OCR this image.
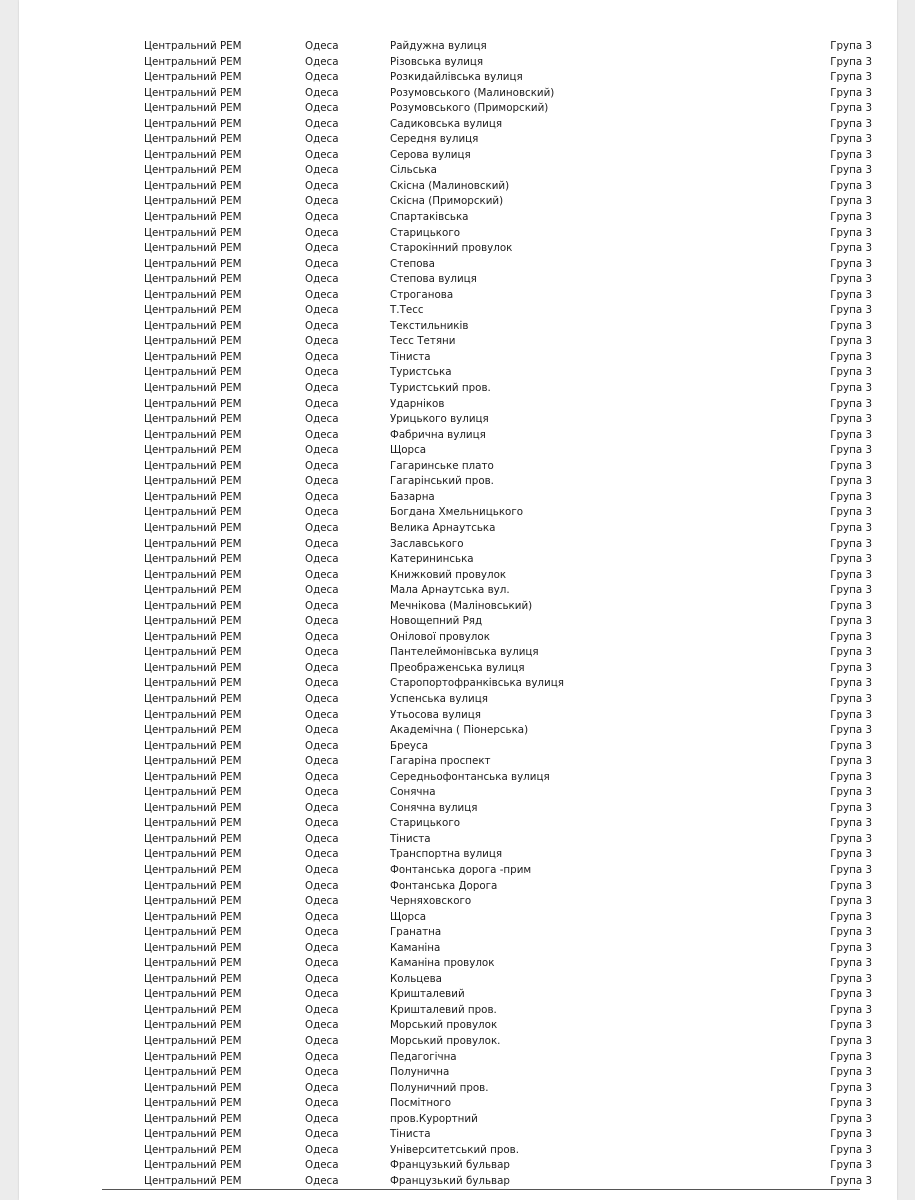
Центральний РЕМ	Одеса	Райдужна вулиця	Група 3
Центральний РЕМ	Одеса	Різовська вулиця	Група 3
Центральний РЕМ	Одеса	Розкидайлівська вулиця	Група 3
Центральний РЕМ	Одеса	Розумовського (Малиновский)	Група 3
Центральний РЕМ	Одеса	Розумовського (Приморский)	Група 3
Центральний РЕМ	Одеса	Садиковська вулиця	Група 3
Центральний РЕМ	Одеса	Середня вулиця	Група 3
Центральний РЕМ	Одеса	Серова вулиця	Група 3
Центральний РЕМ	Одеса	Сільська	Група 3
Центральний РЕМ	Одеса	Скісна (Малиновский)	Група 3
Центральний РЕМ	Одеса	Скісна (Приморский)	Група 3
Центральний РЕМ	Одеса	Спартаківська	Група 3
Центральний РЕМ	Одеса	Старицького	Група 3
Центральний РЕМ	Одеса	Старокінний провулок	Група 3
Центральний РЕМ	Одеса	Степова	Група 3
Центральний РЕМ	Одеса	Степова вулиця	Група 3
Центральний РЕМ	Одеса	Строганова	Група 3
Центральний РЕМ	Одеса	Т.Тесс	Група 3
Центральний РЕМ	Одеса	Текстильників	Група 3
Центральний РЕМ	Одеса	Тесс Тетяни	Група 3
Центральний РЕМ	Одеса	Тіниста	Група 3
Центральний РЕМ	Одеса	Туристська	Група 3
Центральний РЕМ	Одеса	Туристський пров.	Група 3
Центральний РЕМ	Одеса	Ударніков	Група 3
Центральний РЕМ	Одеса	Урицького вулиця	Група 3
Центральний РЕМ	Одеса	Фабрична вулиця	Група 3
Центральний РЕМ	Одеса	Щорса	Група 3
Центральний РЕМ	Одеса	Гагаринське плато	Група 3
Центральний РЕМ	Одеса	Гагарінський пров.	Група 3
Центральний РЕМ	Одеса	Базарна	Група 3
Центральний РЕМ	Одеса	Богдана Хмельницького	Група 3
Центральний РЕМ	Одеса	Велика Арнаутська	Група 3
Центральний РЕМ	Одеса	Заславського	Група 3
Центральний РЕМ	Одеса	Катерининська	Група 3
Центральний РЕМ	Одеса	Книжковий провулок	Група 3
Центральний РЕМ	Одеса	Мала Арнаутська вул.	Група 3
Центральний РЕМ	Одеса	Мечнікова (Маліновський)	Група 3
Центральний РЕМ	Одеса	Новощепний Ряд	Група 3
Центральний РЕМ	Одеса	Онілової провулок	Група 3
Центральний РЕМ	Одеса	Пантелеймонівська вулиця	Група 3
Центральний РЕМ	Одеса	Преображенська вулиця	Група 3
Центральний РЕМ	Одеса	Старопортофранківська вулиця	Група 3
Центральний РЕМ	Одеса	Успенська вулиця	Група 3
Центральний РЕМ	Одеса	Утьосова вулиця	Група 3
Центральний РЕМ	Одеса	Академічна ( Піонерська)	Група 3
Центральний РЕМ	Одеса	Бреуса	Група 3
Центральний РЕМ	Одеса	Гагаріна проспект	Група 3
Центральний РЕМ	Одеса	Середньофонтанська вулиця	Група 3
Центральний РЕМ	Одеса	Сонячна	Група 3
Центральний РЕМ	Одеса	Сонячна вулиця	Група 3
Центральний РЕМ	Одеса	Старицького	Група 3
Центральний РЕМ	Одеса	Тіниста	Група 3
Центральний РЕМ	Одеса	Транспортна вулиця	Група 3
Центральний РЕМ	Одеса	Фонтанська дорога -прим	Група 3
Центральний РЕМ	Одеса	Фонтанська Дорога	Група 3
Центральний РЕМ	Одеса	Черняховского	Група 3
Центральний РЕМ	Одеса	Щорса	Група 3
Центральний РЕМ	Одеса	Гранатна	Група 3
Центральний РЕМ	Одеса	Каманіна	Група 3
Центральний РЕМ	Одеса	Каманіна провулок	Група 3
Центральний РЕМ	Одеса	Кольцева	Група 3
Центральний РЕМ	Одеса	Кришталевий	Група 3
Центральний РЕМ	Одеса	Кришталевий пров.	Група 3
Центральний РЕМ	Одеса	Морський провулок	Група 3
Центральний РЕМ	Одеса	Морський провулок.	Група 3
Центральний РЕМ	Одеса	Педагогічна	Група 3
Центральний РЕМ	Одеса	Полунична	Група 3
Центральний РЕМ	Одеса	Полуничний пров.	Група 3
Центральний РЕМ	Одеса	Посмітного	Група 3
Центральний РЕМ	Одеса	пров.Курортний	Група 3
Центральний РЕМ	Одеса	Тіниста	Група 3
Центральний РЕМ	Одеса	Університетський пров.	Група 3
Центральний РЕМ	Одеса	Французький бульвар	Група 3
Центральний РЕМ	Одеса	Французький бульвар	Група 3
